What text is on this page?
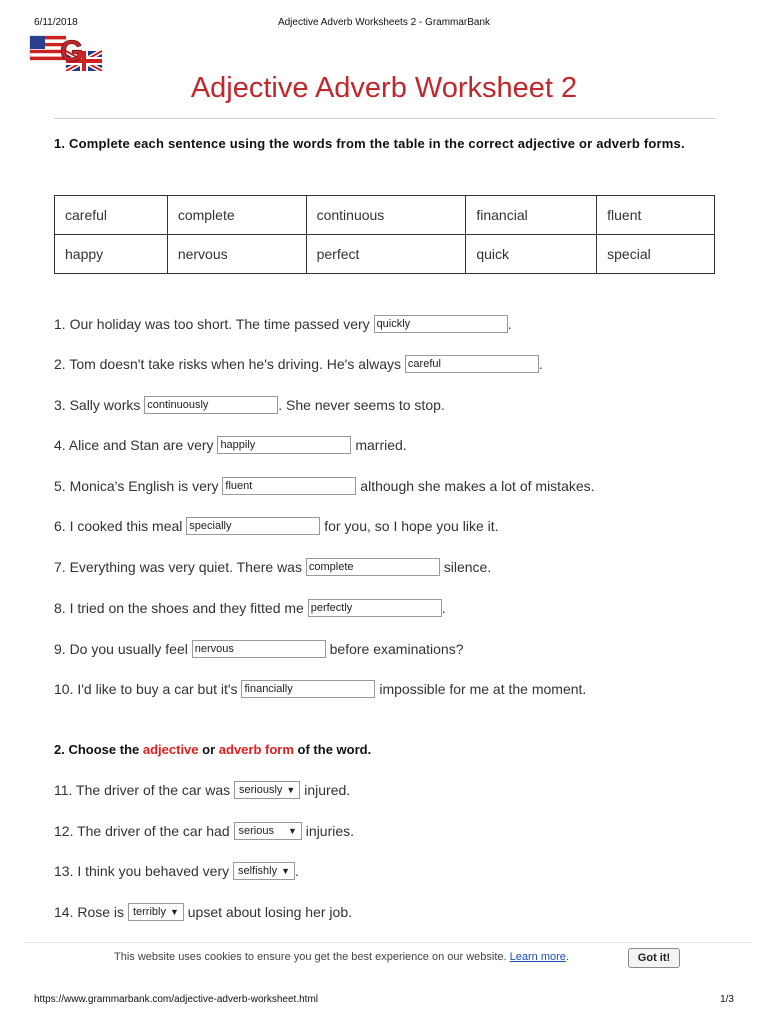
6/11/2018	Adjective Adverb Worksheets 2 - GrammarBank
G
Adjective Adverb Worksheet 2
1. Complete each sentence using the words from the table in the correct adjective or adverb forms.
careful	complete	continuous	financial	fluent
happy	nervous	perfect	quick	special
1. Our holiday was too short. The time passed very quickly	.
2. Tom doesn't take risks when he's driving. He's always careful	.
3. Sally works continuously	. She never seems to stop.
4. Alice and Stan are very happily	married.
5. Monica's English is very fluent	although she makes a lot of mistakes.
6. I cooked this meal specially	for you, so I hope you like it.
7. Everything was very quiet. There was complete	silence.
8. I tried on the shoes and they fitted me perfectly	.
9. Do you usually feel nervous	before examinations?
10. I'd like to buy a car but it's financially	impossible for me at the moment.
2. Choose the adjective or adverb form of the word.
11. The driver of the car was seriously ▼ injured.
12. The driver of the car had serious ▼ injuries.
13. I think you behaved very selfishly ▼ .
14. Rose is terribly ▼ upset about losing her job.
This website uses cookies to ensure you get the best experience on our website. Learn more.	Got it!
https://www.grammarbank.com/adjective-adverb-worksheet.html	1/3
